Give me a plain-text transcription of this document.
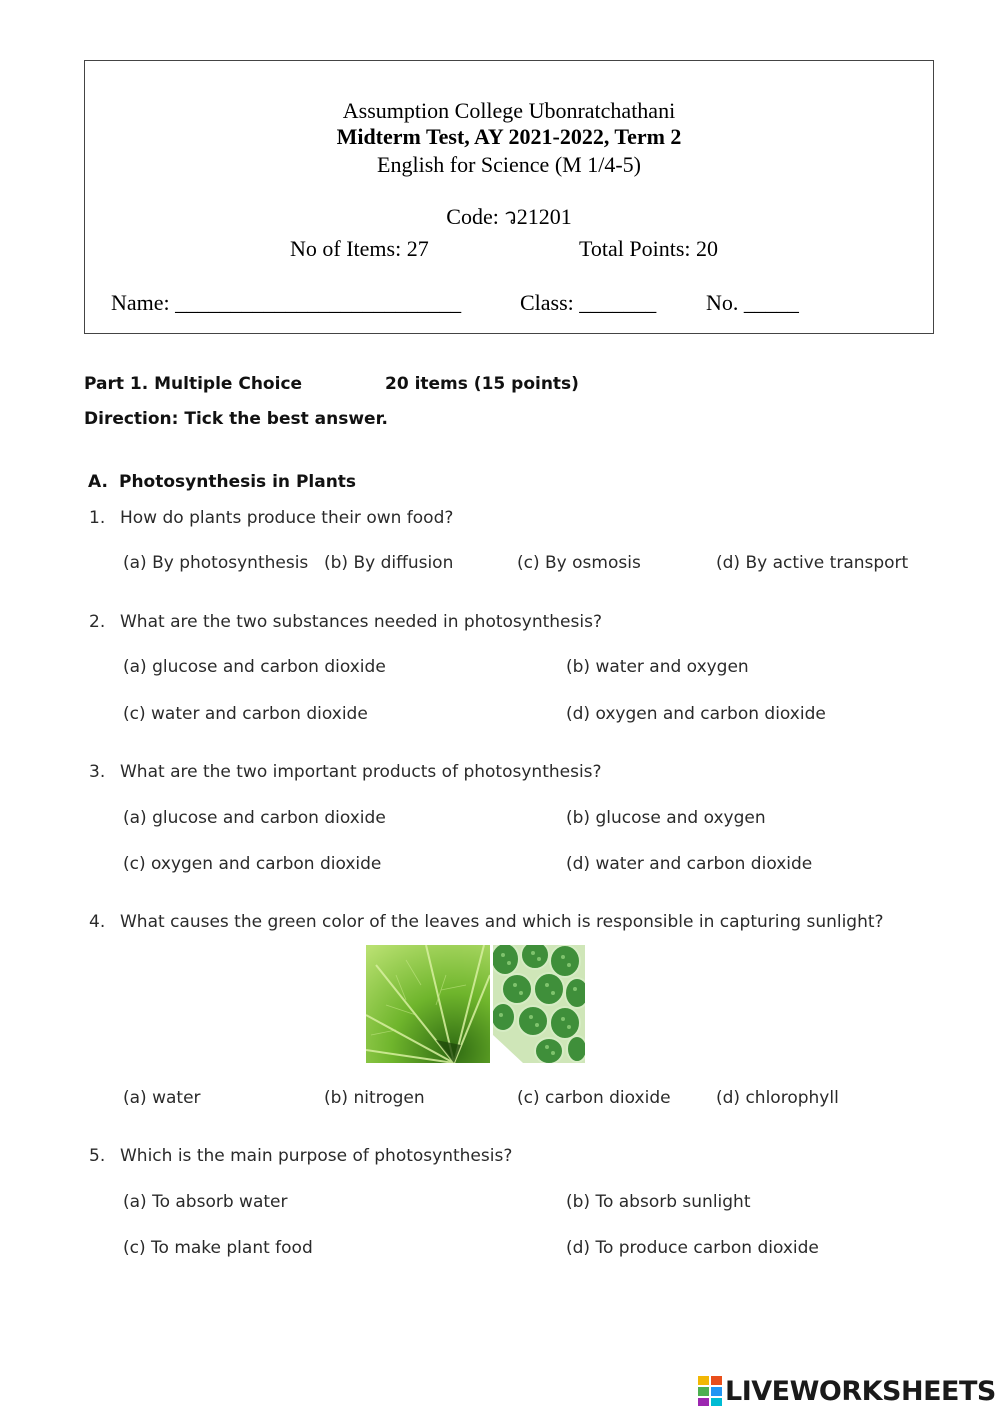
Assumption College Ubonratchathani
Midterm Test, AY 2021-2022, Term 2
English for Science (M 1/4-5)
Code: ว21201
No of Items: 27	Total Points: 20
Name: __________________________	Class: _______ No. _____
Part 1. Multiple Choice	20 items (15 points)
Direction: Tick the best answer.
A. Photosynthesis in Plants
1. How do plants produce their own food?
(a) By photosynthesis (b) By diffusion	(c) By osmosis	(d) By active transport
2. What are the two substances needed in photosynthesis?
(a) glucose and carbon dioxide	(b) water and oxygen
(c) water and carbon dioxide	(d) oxygen and carbon dioxide
3. What are the two important products of photosynthesis?
(a) glucose and carbon dioxide	(b) glucose and oxygen
(c) oxygen and carbon dioxide	(d) water and carbon dioxide
4. What causes the green color of the leaves and which is responsible in capturing sunlight?
(a) water	(b) nitrogen	(c) carbon dioxide	(d) chlorophyll
5. Which is the main purpose of photosynthesis?
(a) To absorb water	(b) To absorb sunlight
(c) To make plant food	(d) To produce carbon dioxide
LIVEWORKSHEETS
